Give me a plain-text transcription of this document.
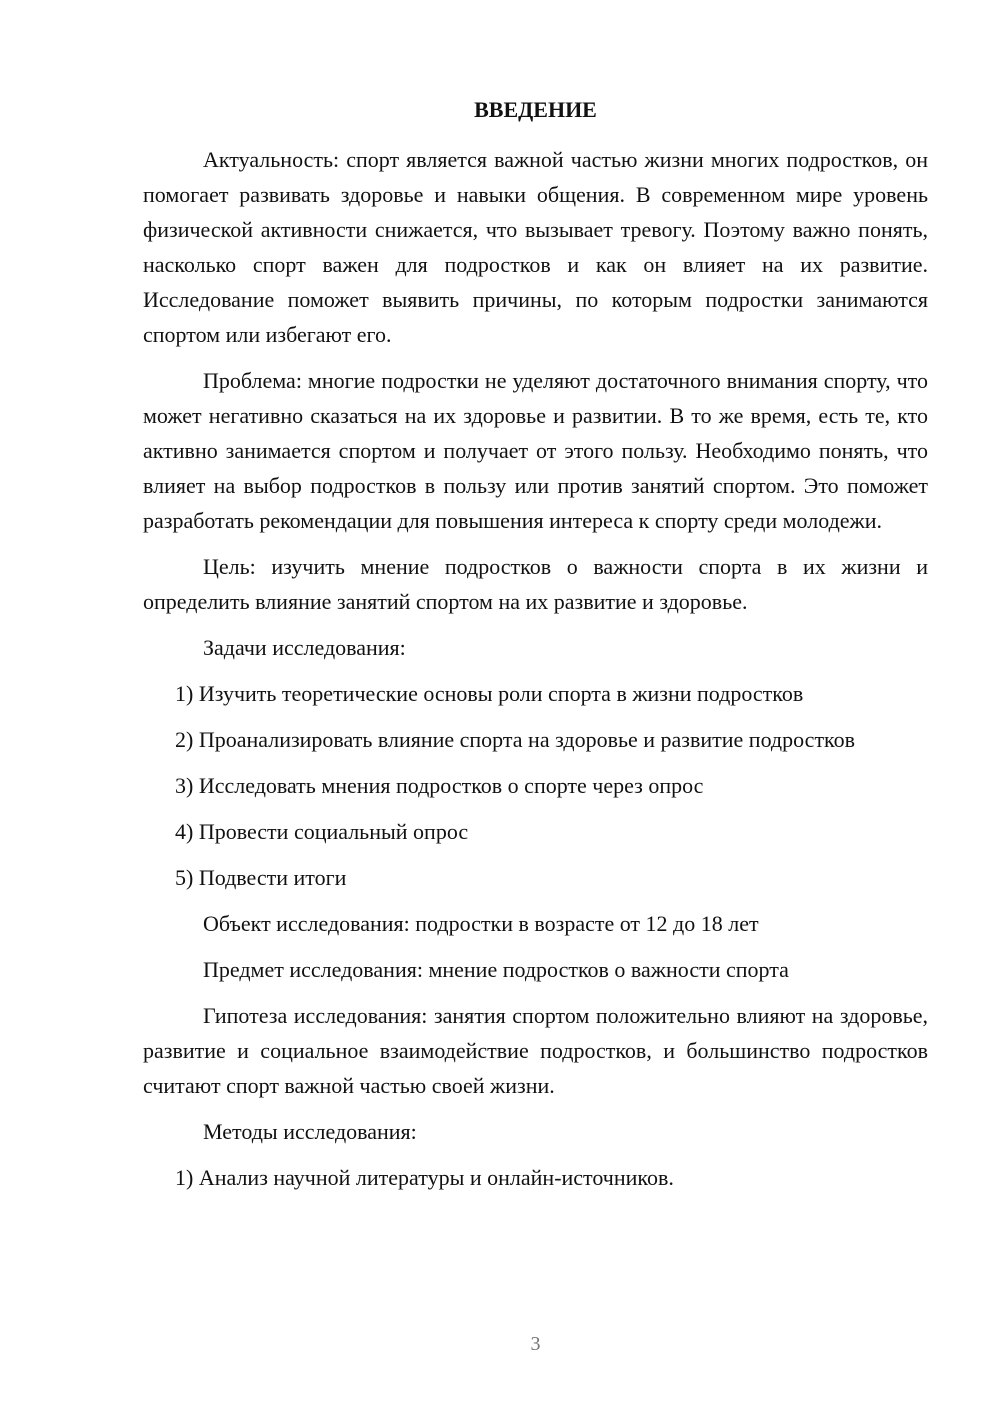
ВВЕДЕНИЕ

Актуальность: спорт является важной частью жизни многих подростков, он помогает развивать здоровье и навыки общения. В современном мире уровень физической активности снижается, что вызывает тревогу. Поэтому важно понять, насколько спорт важен для подростков и как он влияет на их развитие. Исследование поможет выявить причины, по которым подростки занимаются спортом или избегают его.

Проблема: многие подростки не уделяют достаточного внимания спорту, что может негативно сказаться на их здоровье и развитии. В то же время, есть те, кто активно занимается спортом и получает от этого пользу. Необходимо понять, что влияет на выбор подростков в пользу или против занятий спортом. Это поможет разработать рекомендации для повышения интереса к спорту среди молодежи.

Цель: изучить мнение подростков о важности спорта в их жизни и определить влияние занятий спортом на их развитие и здоровье.

Задачи исследования:

1) Изучить теоретические основы роли спорта в жизни подростков

2) Проанализировать влияние спорта на здоровье и развитие подростков

3) Исследовать мнения подростков о спорте через опрос

4) Провести социальный опрос

5) Подвести итоги

Объект исследования: подростки в возрасте от 12 до 18 лет

Предмет исследования: мнение подростков о важности спорта

Гипотеза исследования: занятия спортом положительно влияют на здоровье, развитие и социальное взаимодействие подростков, и большинство подростков считают спорт важной частью своей жизни.

Методы исследования:

1) Анализ научной литературы и онлайн-источников.

3
